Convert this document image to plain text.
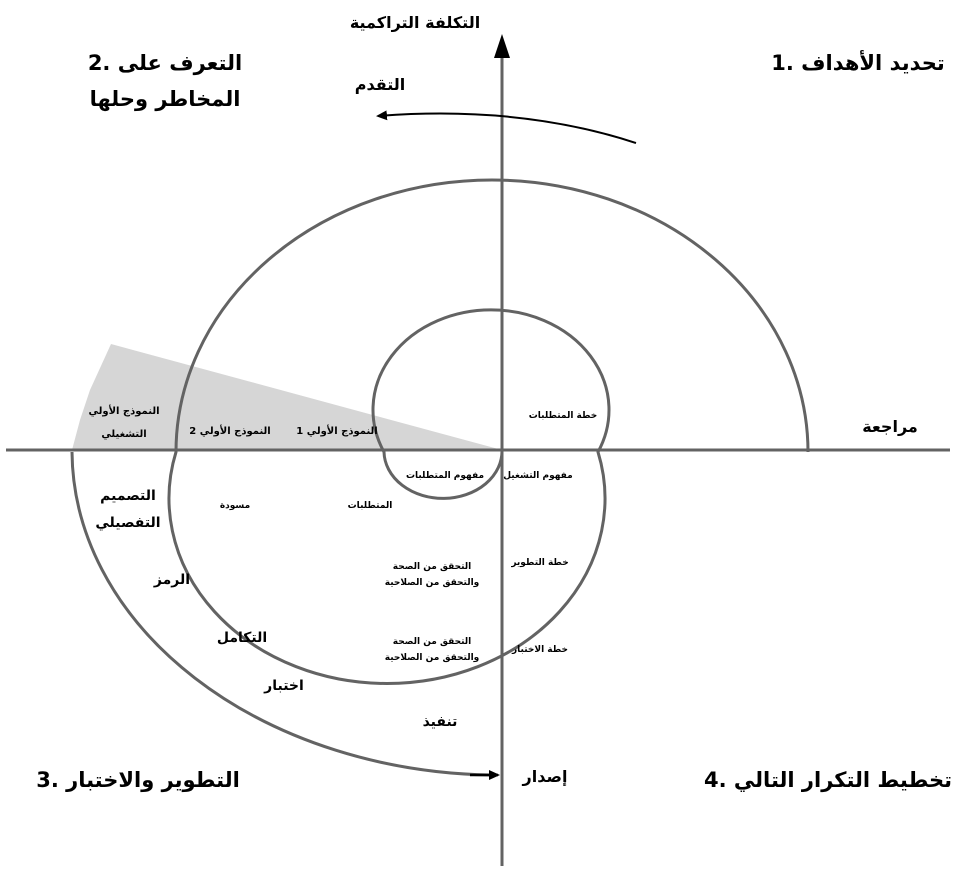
التكلفة التراكمية
مراجعة
التقدم
إصدار
1. تحديد الأهداف
2. التعرف على
المخاطر وحلها
3. التطوير والاختبار	4. تخطيط التكرار التالي
النموذج الأولي 1
النموذج الأولي 2
النموذج الأولي
التشغيلي
خطة المتطلبات
مفهوم التشغيل
خطة التطوير
خطة الاختبار
مفهوم المتطلبات
المتطلبات
مسودة
التحقق من الصحة
والتحقق من الصلاحية
التحقق من الصحة
والتحقق من الصلاحية
التصميم
التفصيلي
الرمز
التكامل
اختبار
تنفيذ
